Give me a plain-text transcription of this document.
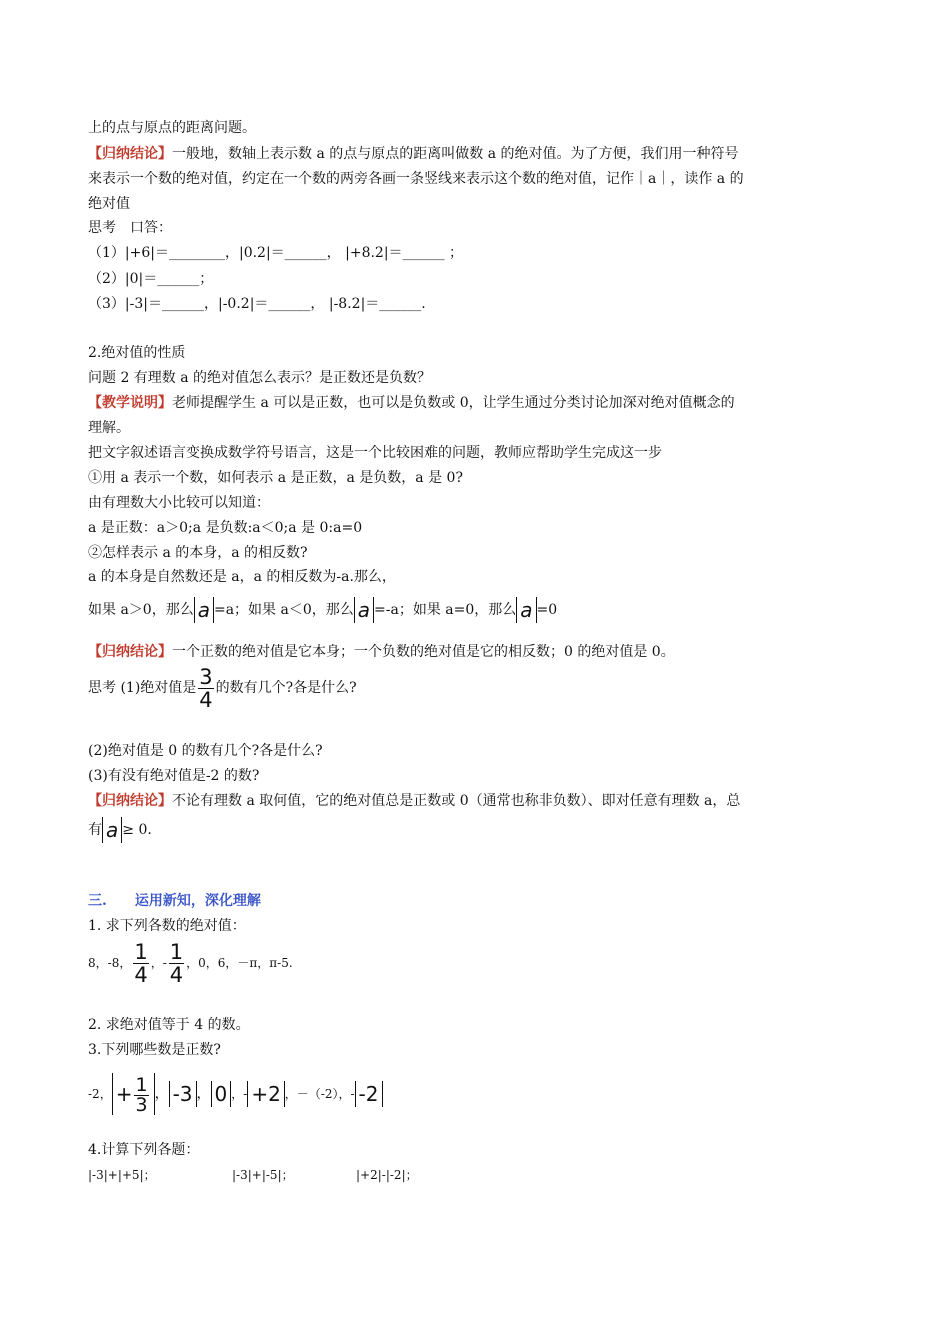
上的点与原点的距离问题。
【归纳结论】一般地，数轴上表示数 a 的点与原点的距离叫做数 a 的绝对值。为了方便，我们用一种符号
来表示一个数的绝对值，约定在一个数的两旁各画一条竖线来表示这个数的绝对值，记作｜a｜，读作 a 的
绝对值
思考　口答：
（1）|+6|＝________，|0.2|＝______， |+8.2|＝______ ；
（2）|0|＝______；
（3）|-3|＝______，|-0.2|＝______， |-8.2|＝______.
2.绝对值的性质
问题 2 有理数 a 的绝对值怎么表示？是正数还是负数？
【教学说明】老师提醒学生 a 可以是正数，也可以是负数或 0，让学生通过分类讨论加深对绝对值概念的
理解。
把文字叙述语言变换成数学符号语言，这是一个比较困难的问题，教师应帮助学生完成这一步
①用 a 表示一个数，如何表示 a 是正数，a 是负数，a 是 0?
由有理数大小比较可以知道：
a 是正数：a＞0;a 是负数:a＜0;a 是 0:a=0
②怎样表示 a 的本身，a 的相反数?
a 的本身是自然数还是 a，a 的相反数为-a.那么，
如果 a＞0，那么 a =a；如果 a＜0，那么 a =-a；如果 a=0，那么 a =0
【归纳结论】一个正数的绝对值是它本身；一个负数的绝对值是它的相反数；0 的绝对值是 0。
思考 (1)绝对值是 $\frac{3}{4}$ 的数有几个?各是什么?
(2)绝对值是 0 的数有几个?各是什么?
(3)有没有绝对值是-2 的数?
【归纳结论】不论有理数 a 取何值，它的绝对值总是正数或 0（通常也称非负数）、即对任意有理数 a，总
有 a ≥ 0.
三.　　运用新知，深化理解
1. 求下列各数的绝对值：
8，-8， $\frac{1}{4}$ ，- $\frac{1}{4}$ ，0，6，－π，π-5.
2. 求绝对值等于 4 的数。
3.下列哪些数是正数?
-2， + $\frac{1}{3}$ ， -3 ， 0 ，- +2 ，－（-2），- -2
4.计算下列各题：
|-3|+|+5|；	|-3|+|-5|；	|+2|-|-2|；
